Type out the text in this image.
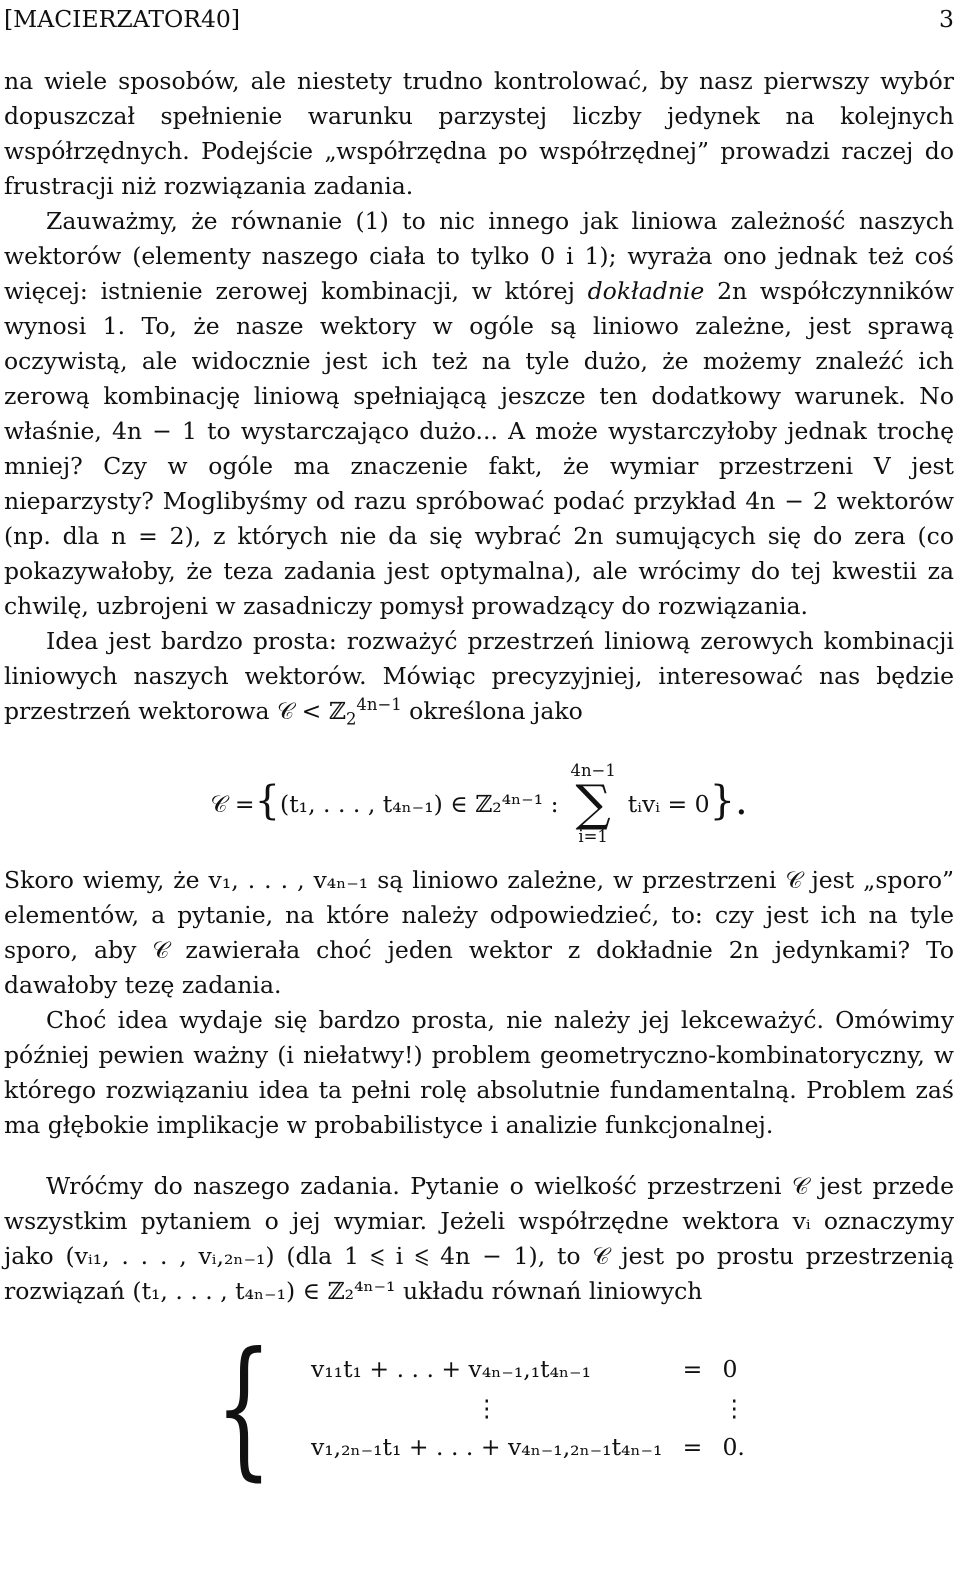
[MACIERZATOR40]	3

na wiele sposobów, ale niestety trudno kontrolować, by nasz pierwszy wybór dopuszczał spełnienie warunku parzystej liczby jedynek na kolejnych współrzędnych. Podejście „współrzędna po współrzędnej” prowadzi raczej do frustracji niż rozwiązania zadania.

Zauważmy, że równanie (1) to nic innego jak liniowa zależność naszych wektorów (elementy naszego ciała to tylko 0 i 1); wyraża ono jednak też coś więcej: istnienie zerowej kombinacji, w której dokładnie 2n współczynników wynosi 1. To, że nasze wektory w ogóle są liniowo zależne, jest sprawą oczywistą, ale widocznie jest ich też na tyle dużo, że możemy znaleźć ich zerową kombinację liniową spełniającą jeszcze ten dodatkowy warunek. No właśnie, 4n − 1 to wystarczająco dużo... A może wystarczyłoby jednak trochę mniej? Czy w ogóle ma znaczenie fakt, że wymiar przestrzeni V jest nieparzysty? Moglibyśmy od razu spróbować podać przykład 4n − 2 wektorów (np. dla n = 2), z których nie da się wybrać 2n sumujących się do zera (co pokazywałoby, że teza zadania jest optymalna), ale wrócimy do tej kwestii za chwilę, uzbrojeni w zasadniczy pomysł prowadzący do rozwiązania.

Idea jest bardzo prosta: rozważyć przestrzeń liniową zerowych kombinacji liniowych naszych wektorów. Mówiąc precyzyjniej, interesować nas będzie przestrzeń wektorowa 𝒞 < ℤ$_2^{4n-1}$ określona jako

𝒞 = { (t₁, . . . , t₄ₙ₋₁) ∈ ℤ₂⁴ⁿ⁻¹ :
4n−1
∑
i=1
tᵢvᵢ = 0 }.

Skoro wiemy, że v₁, . . . , v₄ₙ₋₁ są liniowo zależne, w przestrzeni 𝒞 jest „sporo” elementów, a pytanie, na które należy odpowiedzieć, to: czy jest ich na tyle sporo, aby 𝒞 zawierała choć jeden wektor z dokładnie 2n jedynkami? To dawałoby tezę zadania.

Choć idea wydaje się bardzo prosta, nie należy jej lekceważyć. Omówimy później pewien ważny (i niełatwy!) problem geometryczno-kombinatoryczny, w którego rozwiązaniu idea ta pełni rolę absolutnie fundamentalną. Problem zaś ma głębokie implikacje w probabilistyce i analizie funkcjonalnej.

Wróćmy do naszego zadania. Pytanie o wielkość przestrzeni 𝒞 jest przede wszystkim pytaniem o jej wymiar. Jeżeli współrzędne wektora vᵢ oznaczymy jako (vᵢ₁, . . . , vᵢ,₂ₙ₋₁) (dla 1 ⩽ i ⩽ 4n − 1), to 𝒞 jest po prostu przestrzenią rozwiązań (t₁, . . . , t₄ₙ₋₁) ∈ ℤ₂⁴ⁿ⁻¹ układu równań liniowych

{ v₁₁t₁ + . . . + v₄ₙ₋₁,₁t₄ₙ₋₁	= 0
⋮	⋮
v₁,₂ₙ₋₁t₁ + . . . + v₄ₙ₋₁,₂ₙ₋₁t₄ₙ₋₁ = 0.
